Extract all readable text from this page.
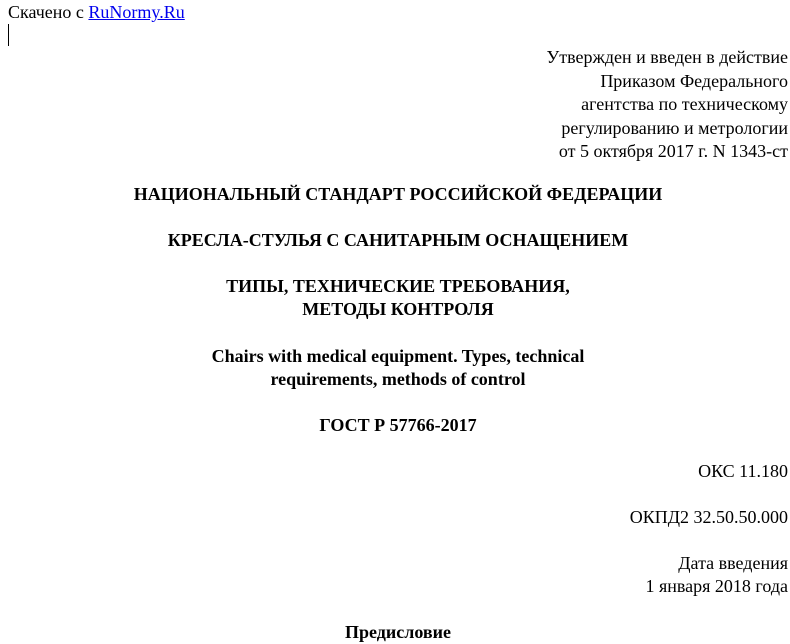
Скачено с RuNormy.Ru
Утвержден и введен в действие
Приказом Федерального
агентства по техническому
регулированию и метрологии
от 5 октября 2017 г. N 1343-ст
НАЦИОНАЛЬНЫЙ СТАНДАРТ РОССИЙСКОЙ ФЕДЕРАЦИИ
КРЕСЛА-СТУЛЬЯ С САНИТАРНЫМ ОСНАЩЕНИЕМ
ТИПЫ, ТЕХНИЧЕСКИЕ ТРЕБОВАНИЯ,
МЕТОДЫ КОНТРОЛЯ
Chairs with medical equipment. Types, technical
requirements, methods of control
ГОСТ Р 57766-2017
ОКС 11.180
ОКПД2 32.50.50.000
Дата введения
1 января 2018 года
Предисловие
